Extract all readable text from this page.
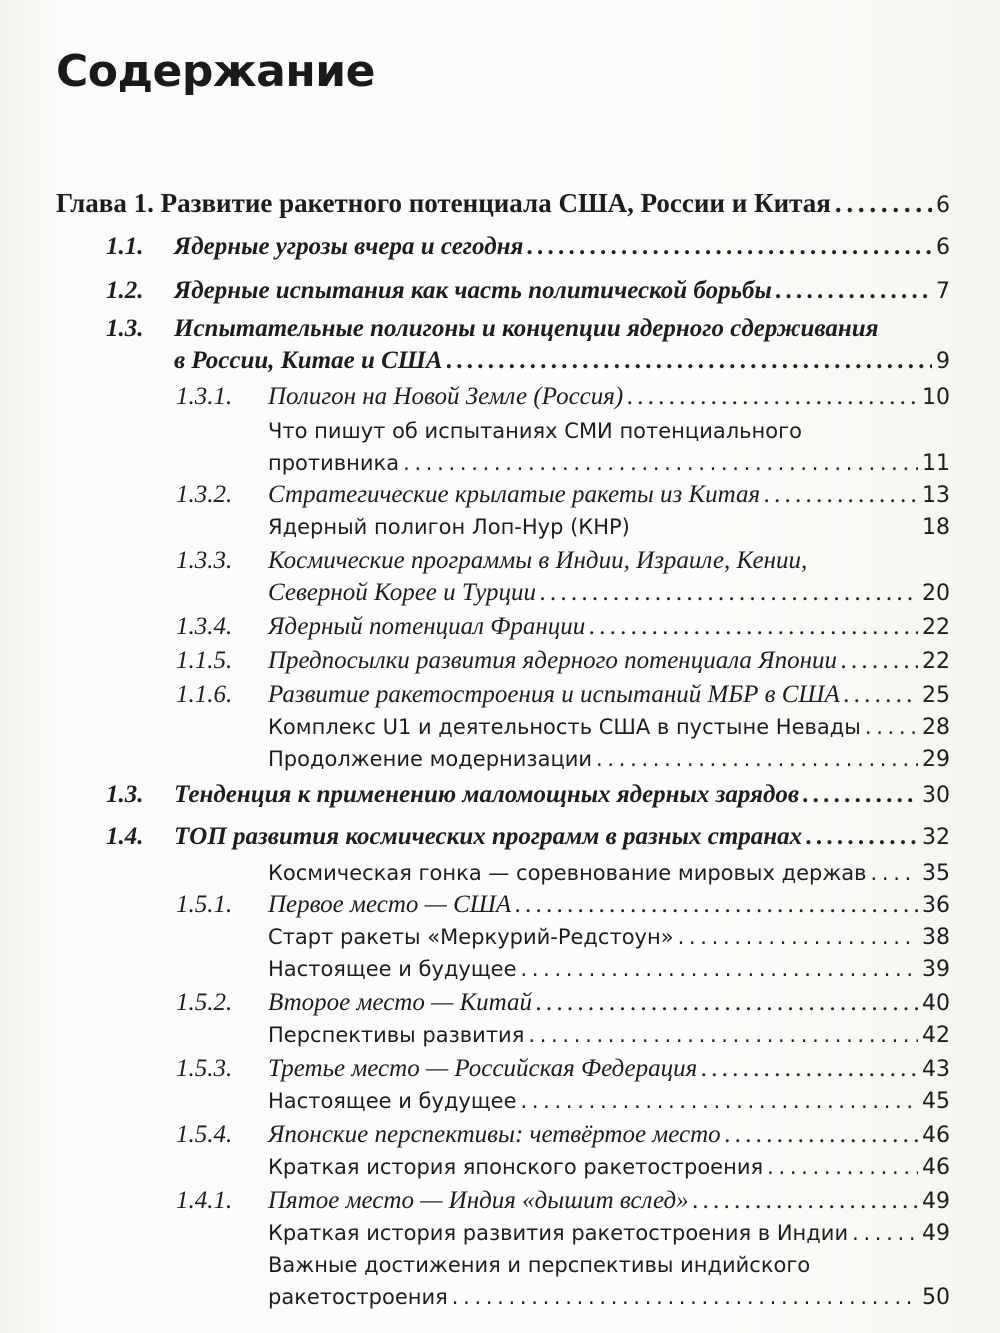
Содержание
Глава 1. Развитие ракетного потенциала США, России и Китая . . .	6
1.1. Ядерные угрозы вчера и сегодня . . .	6
1.2. Ядерные испытания как часть политической борьбы . . .	7
1.3. Испытательные полигоны и концепции ядерного сдерживания
в России, Китае и США . . .	9
1.3.1. Полигон на Новой Земле (Россия) . . .	10
Что пишут об испытаниях СМИ потенциального
противника . . .	11
1.3.2. Стратегические крылатые ракеты из Китая . . .	13
Ядерный полигон Лоп-Нур (КНР)	18
1.3.3. Космические программы в Индии, Израиле, Кении,
Северной Корее и Турции . . .	20
1.3.4. Ядерный потенциал Франции . . .	22
1.1.5. Предпосылки развития ядерного потенциала Японии . . .	22
1.1.6. Развитие ракетостроения и испытаний МБР в США . . .	25
Комплекс U1 и деятельность США в пустыне Невады . . .	28
Продолжение модернизации . . .	29
1.3. Тенденция к применению маломощных ядерных зарядов . . .	30
1.4. ТОП развития космических программ в разных странах . . .	32
Космическая гонка — соревнование мировых держав . . .	35
1.5.1. Первое место — США . . .	36
Старт ракеты «Меркурий-Редстоун» . . .	38
Настоящее и будущее . . .	39
1.5.2. Второе место — Китай . . .	40
Перспективы развития . . .	42
1.5.3. Третье место — Российская Федерация . . .	43
Настоящее и будущее . . .	45
1.5.4. Японские перспективы: четвёртое место . . .	46
Краткая история японского ракетостроения . . .	46
1.4.1. Пятое место — Индия «дышит вслед» . . .	49
Краткая история развития ракетостроения в Индии . . .	49
Важные достижения и перспективы индийского
ракетостроения . . .	50
